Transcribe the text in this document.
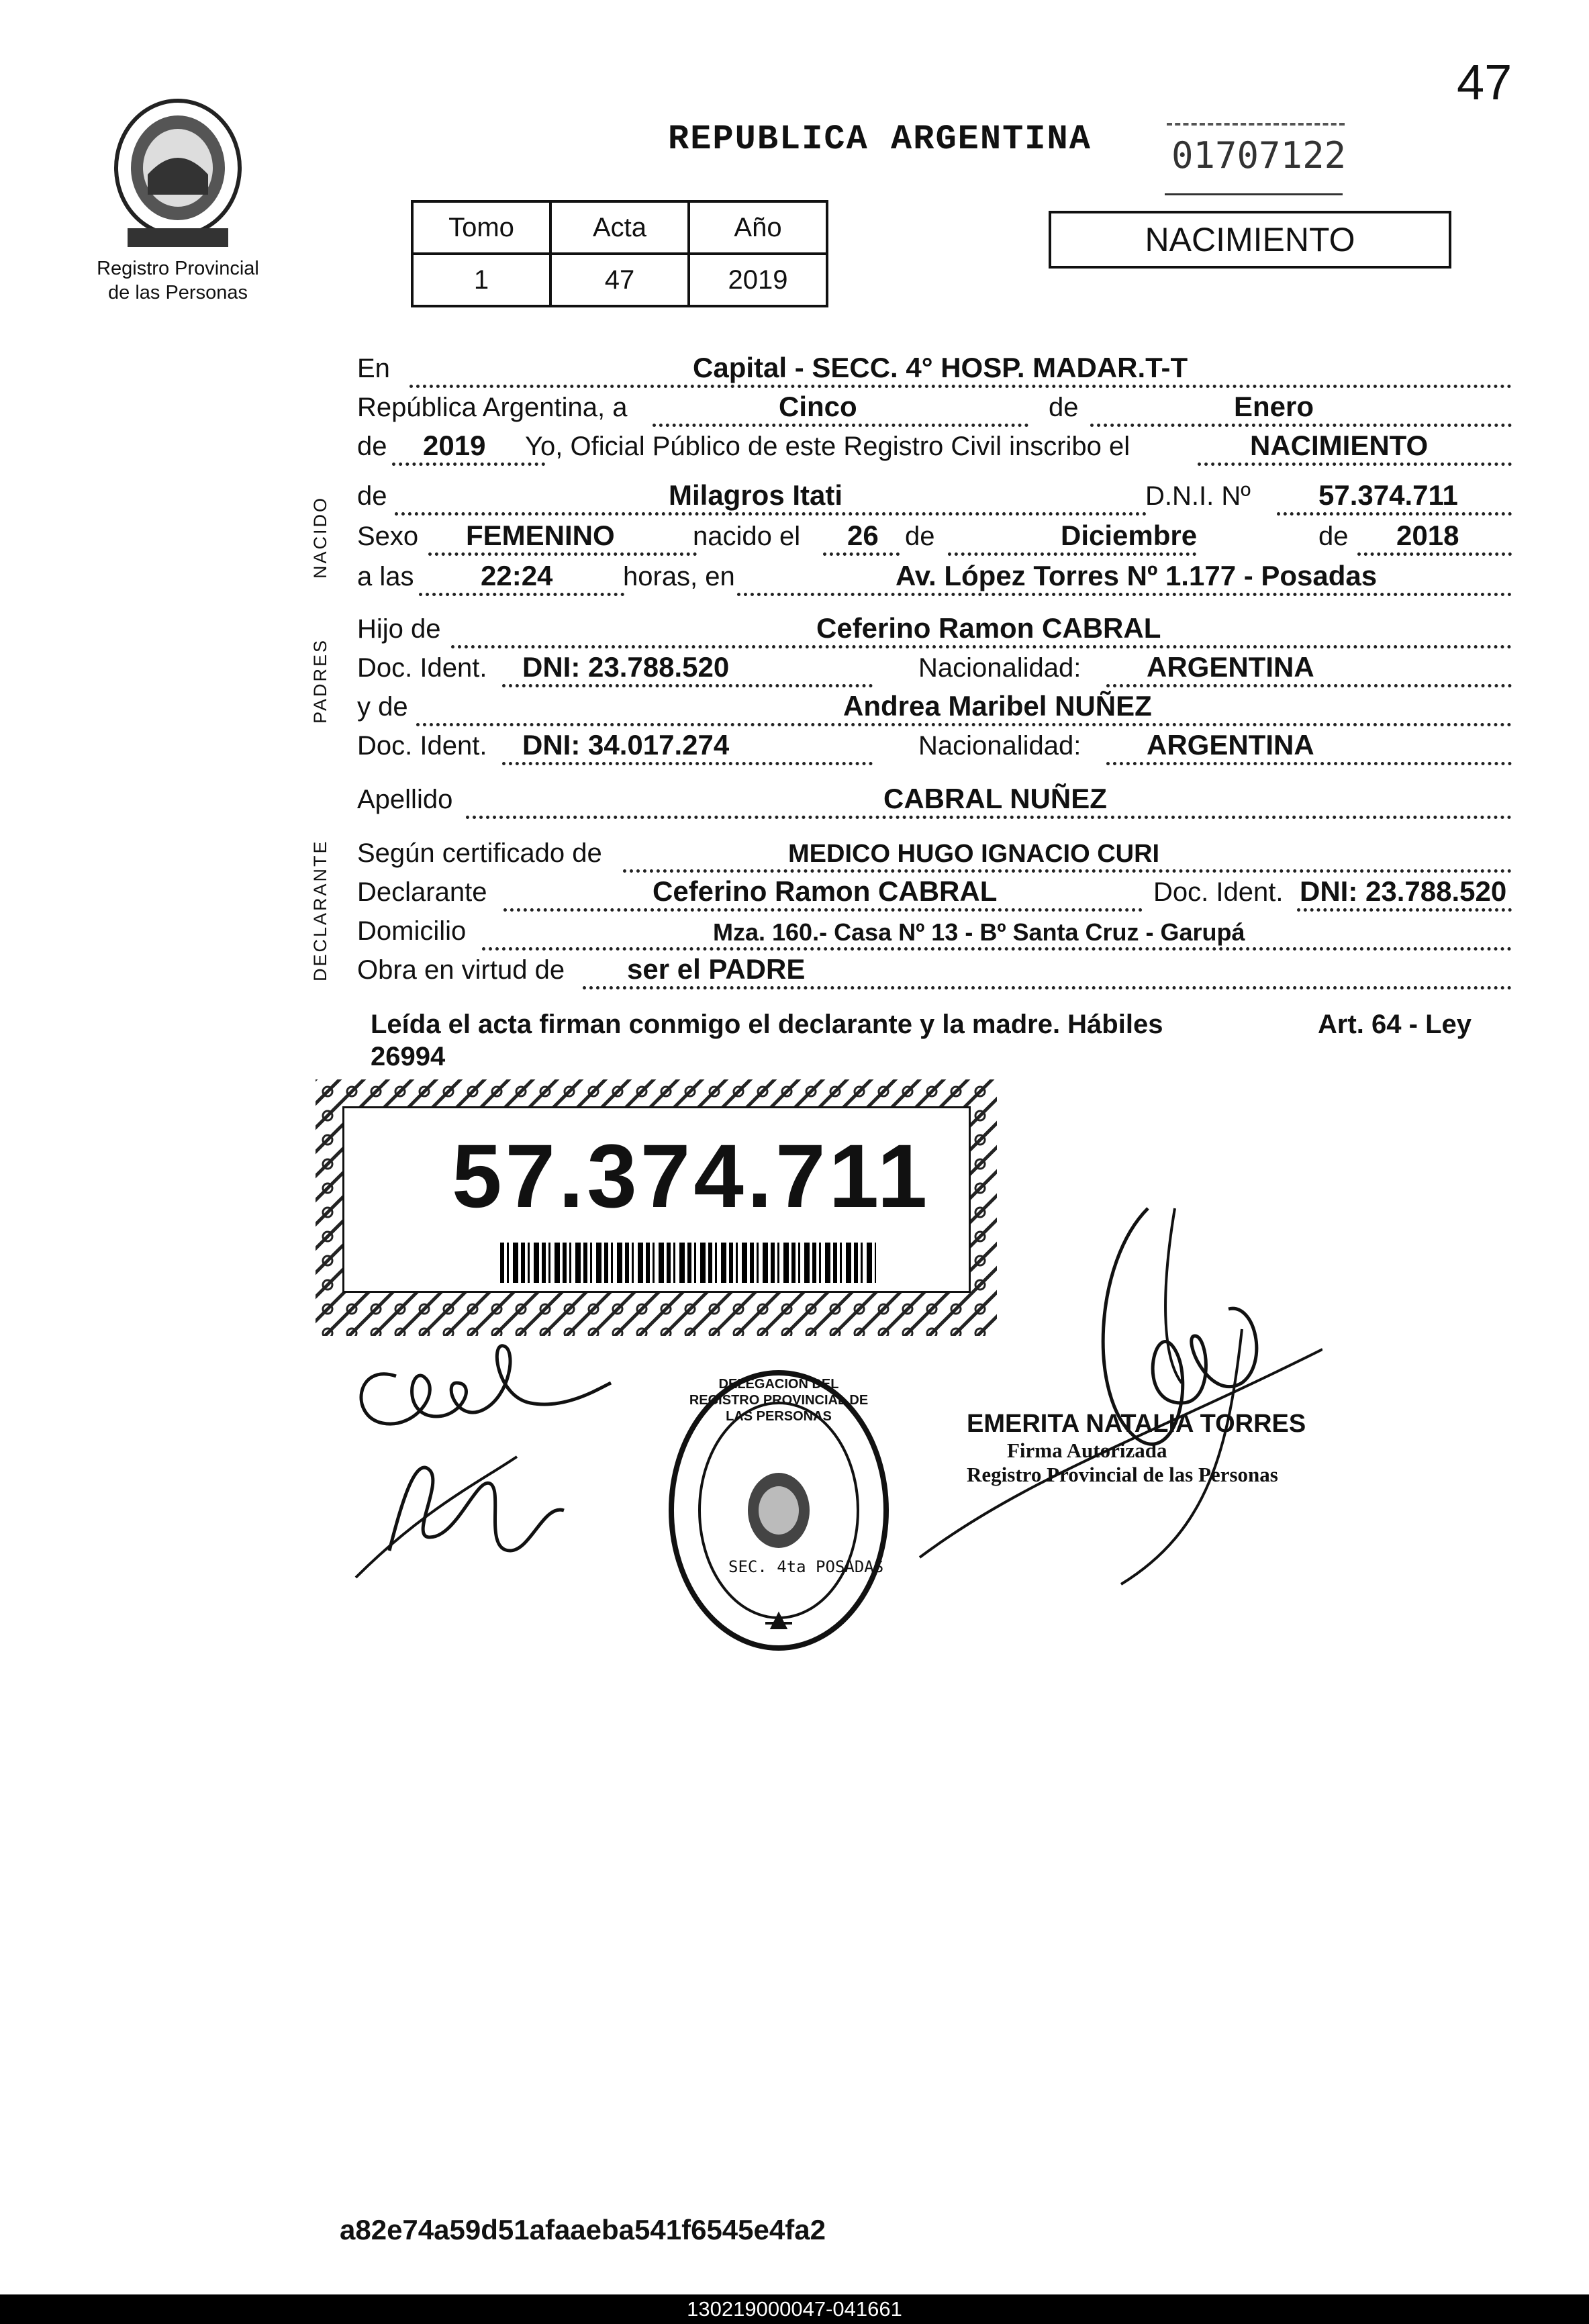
47
Registro Provincial
de las Personas
REPUBLICA ARGENTINA 01707122
Tomo	Acta	Año
1	47	2019
NACIMIENTO
NACIDO
PADRES
DECLARANTE
En	Capital - SECC. 4° HOSP. MADAR.T-T
República Argentina, a	Cinco	de	Enero
de 2019 Yo, Oficial Público de este Registro Civil inscribo el	NACIMIENTO
de	Milagros Itati	D.N.I. Nº 57.374.711
Sexo FEMENINO	nacido el 26 de	Diciembre	de 2018
a las 22:24	horas, en	Av. López Torres Nº 1.177 - Posadas
Hijo de	Ceferino Ramon CABRAL
Doc. Ident. DNI: 23.788.520	Nacionalidad: ARGENTINA
y de	Andrea Maribel NUÑEZ
Doc. Ident. DNI: 34.017.274	Nacionalidad: ARGENTINA
Apellido	CABRAL NUÑEZ
Según certificado de	MEDICO HUGO IGNACIO CURI
Declarante	Ceferino Ramon CABRAL	Doc. Ident. DNI: 23.788.520
Domicilio	Mza. 160.- Casa Nº 13 - Bº Santa Cruz - Garupá
Obra en virtud de ser el PADRE
Leída el acta firman conmigo el declarante y la madre. Hábiles	Art. 64 - Ley
26994
57.374.711
DELEGACION DEL REGISTRO PROVINCIAL DE LAS PERSONAS
SEC. 4ta POSADAS
EMERITA NATALIA TORRES
Firma Autorizada
Registro Provincial de las Personas
a82e74a59d51afaaeba541f6545e4fa2
130219000047-041661
